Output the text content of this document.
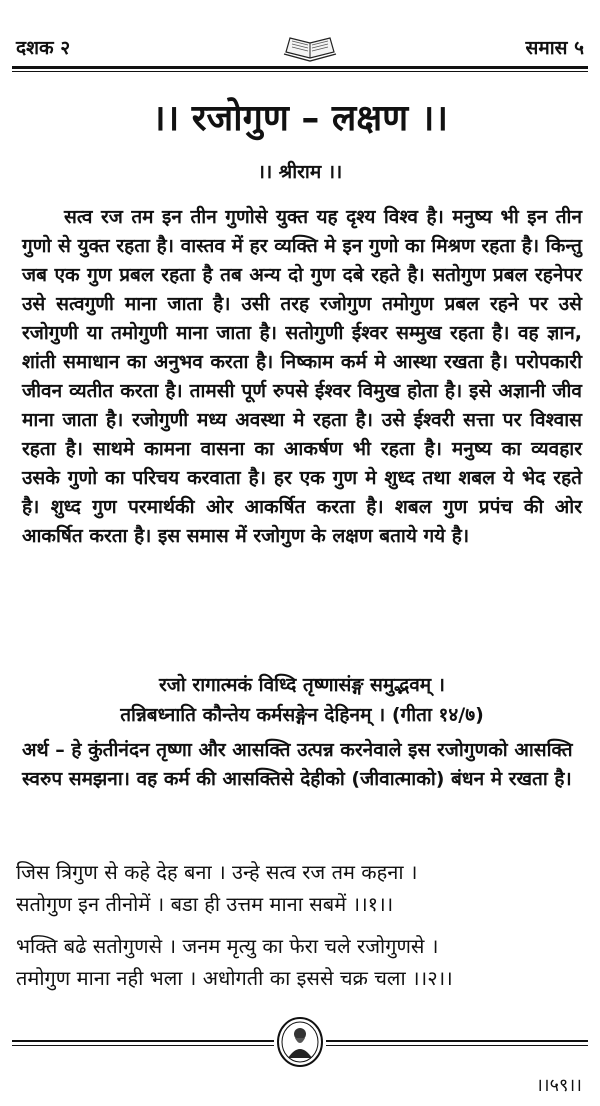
दशक २	समास ५
।। रजोगुण – लक्षण ।।
।। श्रीराम ।।
सत्व रज तम इन तीन गुणोसे युक्त यह दृश्य विश्व है। मनुष्य भी इन तीन गुणो से युक्त रहता है। वास्तव में हर व्यक्ति मे इन गुणो का मिश्रण रहता है। किन्तु जब एक गुण प्रबल रहता है तब अन्य दो गुण दबे रहते है। सतोगुण प्रबल रहनेपर उसे सत्वगुणी माना जाता है। उसी तरह रजोगुण तमोगुण प्रबल रहने पर उसे रजोगुणी या तमोगुणी माना जाता है। सतोगुणी ईश्वर सम्मुख रहता है। वह ज्ञान, शांती समाधान का अनुभव करता है। निष्काम कर्म मे आस्था रखता है। परोपकारी जीवन व्यतीत करता है। तामसी पूर्ण रुपसे ईश्वर विमुख होता है। इसे अज्ञानी जीव माना जाता है। रजोगुणी मध्य अवस्था मे रहता है। उसे ईश्वरी सत्ता पर विश्वास रहता है। साथमे कामना वासना का आकर्षण भी रहता है। मनुष्य का व्यवहार उसके गुणो का परिचय करवाता है। हर एक गुण मे शुध्द तथा शबल ये भेद रहते है। शुध्द गुण परमार्थकी ओर आकर्षित करता है। शबल गुण प्रपंच की ओर आकर्षित करता है। इस समास में रजोगुण के लक्षण बताये गये है।
रजो रागात्मकं विध्दि तृष्णासंङ्ग समुद्भवम् ।
तन्निबध्नाति कौन्तेय कर्मसङ्गेन देहिनम् । (गीता १४/७)
अर्थ – हे कुंतीनंदन तृष्णा और आसक्ति उत्पन्न करनेवाले इस रजोगुणको आसक्ति स्वरुप समझना। वह कर्म की आसक्तिसे देहीको (जीवात्माको) बंधन मे रखता है।
जिस त्रिगुण से कहे देह बना । उन्हे सत्व रज तम कहना ।
सतोगुण इन तीनोमें । बडा ही उत्तम माना सबमें ।।१।।
भक्ति बढे सतोगुणसे । जनम मृत्यु का फेरा चले रजोगुणसे ।
तमोगुण माना नही भला । अधोगती का इससे चक्र चला ।।२।।
।।५९।।
